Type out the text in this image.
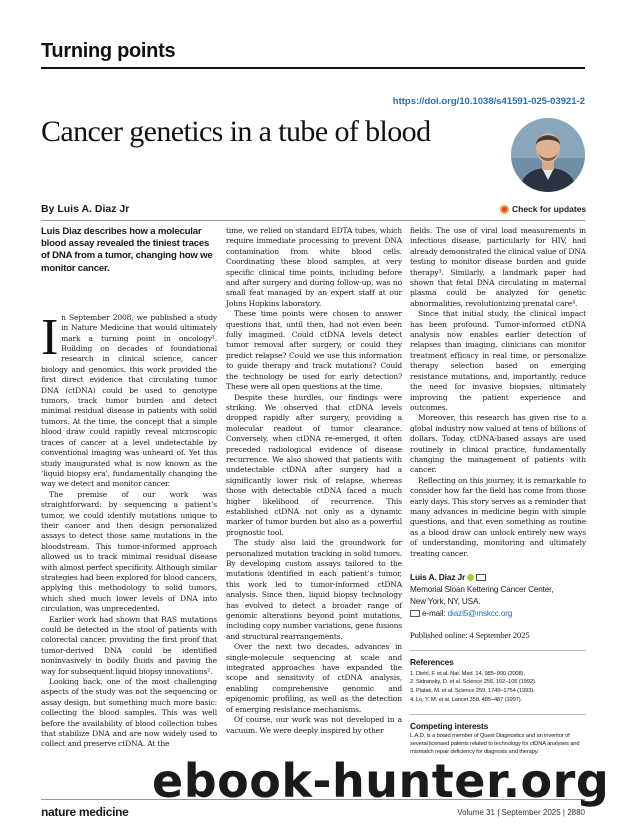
Turning points
https://doi.org/10.1038/s41591-025-03921-2
Cancer genetics in a tube of blood
By Luis A. Diaz Jr	Check for updates

Luis Diaz describes how a molecular blood assay revealed the tiniest traces of DNA from a tumor, changing how we monitor cancer.

In September 2008, we published a study in Nature Medicine that would ultimately mark a turning point in oncology¹. Building on decades of foundational research in clinical science, cancer biology and genomics, this work provided the first direct evidence that circulating tumor DNA (ctDNA) could be used to genotype tumors, track tumor burden and detect minimal residual disease in patients with solid tumors. At the time, the concept that a simple blood draw could rapidly reveal microscopic traces of cancer at a level undetectable by conventional imaging was unheard of. Yet this study inaugurated what is now known as the ‘liquid biopsy era’, fundamentally changing the way we detect and monitor cancer.

The premise of our work was straightforward: by sequencing a patient’s tumor, we could identify mutations unique to their cancer and then design personalized assays to detect those same mutations in the bloodstream. This tumor-informed approach allowed us to track minimal residual disease with almost perfect specificity. Although similar strategies had been explored for blood cancers, applying this methodology to solid tumors, which shed much lower levels of DNA into circulation, was unprecedented.

Earlier work had shown that RAS mutations could be detected in the stool of patients with colorectal cancer, providing the first proof that tumor-derived DNA could be identified noninvasively in bodily fluids and paving the way for subsequent liquid biopsy innovations².

Looking back, one of the most challenging aspects of the study was not the sequencing or assay design, but something much more basic: collecting the blood samples. This was well before the availability of blood collection tubes that stabilize DNA and are now widely used to collect and preserve ctDNA. At the

time, we relied on standard EDTA tubes, which require immediate processing to prevent DNA contamination from white blood cells. Coordinating these blood samples, at very specific clinical time points, including before and after surgery and during follow-up, was no small feat managed by an expert staff at our Johns Hopkins laboratory.

These time points were chosen to answer questions that, until then, had not even been fully imagined. Could ctDNA levels detect tumor removal after surgery, or could they predict relapse? Could we use this information to guide therapy and track mutations? Could the technology be used for early detection? These were all open questions at the time.

Despite these hurdles, our findings were striking. We observed that ctDNA levels dropped rapidly after surgery, providing a molecular readout of tumor clearance. Conversely, when ctDNA re-emerged, it often preceded radiological evidence of disease recurrence. We also showed that patients with undetectable ctDNA after surgery had a significantly lower risk of relapse, whereas those with detectable ctDNA faced a much higher likelihood of recurrence. This established ctDNA not only as a dynamic marker of tumor burden but also as a powerful prognostic tool.

The study also laid the groundwork for personalized mutation tracking in solid tumors. By developing custom assays tailored to the mutations identified in each patient’s tumor, this work led to tumor-informed ctDNA analysis. Since then, liquid biopsy technology has evolved to detect a broader range of genomic alterations beyond point mutations, including copy number variations, gene fusions and structural rearrangements.

Over the next two decades, advances in single-molecule sequencing at scale and integrated approaches have expanded the scope and sensitivity of ctDNA analysis, enabling comprehensive genomic and epigenomic profiling, as well as the detection of emerging resistance mechanisms.

Of course, our work was not developed in a vacuum. We were deeply inspired by other

fields. The use of viral load measurements in infectious disease, particularly for HIV, had already demonstrated the clinical value of DNA testing to monitor disease burden and guide therapy³. Similarly, a landmark paper had shown that fetal DNA circulating in maternal plasma could be analyzed for genetic abnormalities, revolutionizing prenatal care⁴.

Since that initial study, the clinical impact has been profound. Tumor-informed ctDNA analysis now enables earlier detection of relapses than imaging, clinicians can monitor treatment efficacy in real time, or personalize therapy selection based on emerging resistance mutations, and, importantly, reduce the need for invasive biopsies, ultimately improving the patient experience and outcomes.

Moreover, this research has given rise to a global industry now valued at tens of billions of dollars. Today, ctDNA-based assays are used routinely in clinical practice, fundamentally changing the management of patients with cancer.

Reflecting on this journey, it is remarkable to consider how far the field has come from those early days. This story serves as a reminder that many advances in medicine begin with simple questions, and that even something as routine as a blood draw can unlock entirely new ways of understanding, monitoring and ultimately treating cancer.

Luis A. Diaz Jr
Memorial Sloan Kettering Cancer Center,
New York, NY, USA.
e-mail: diazl5@mskcc.org
Published online: 4 September 2025
References
1. Diehl, F. et al. Nat. Med. 14, 985–990 (2008).
2. Sidransky, D. et al. Science 256, 102–105 (1992).
3. Piatak, M. et al. Science 259, 1749–1754 (1993).
4. Lo, Y. M. et al. Lancet 350, 485–487 (1997).
Competing interests
L.A.D. is a board member of Quest Diagnostics and an inventor of several licensed patents related to technology for ctDNA analyses and mismatch repair deficiency for diagnosis and therapy.
nature medicine	Volume 31 | September 2025 | 2880
ebook-hunter.org
